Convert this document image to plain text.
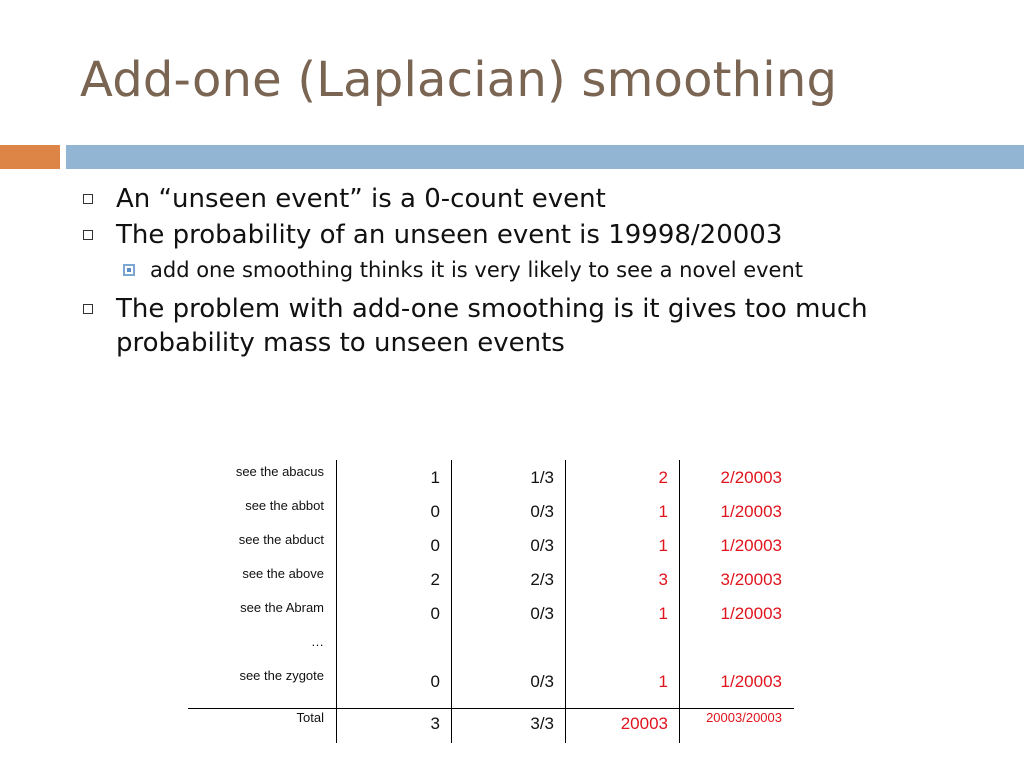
Add-one (Laplacian) smoothing
An “unseen event” is a 0-count event
The probability of an unseen event is 19998/20003
add one smoothing thinks it is very likely to see a novel event
The problem with add-one smoothing is it gives too much probability mass to unseen events
see the abacus	1	1/3	2	2/20003
see the abbot	0	0/3	1	1/20003
see the abduct	0	0/3	1	1/20003
see the above	2	2/3	3	3/20003
see the Abram	0	0/3	1	1/20003
…
see the zygote	0	0/3	1	1/20003
Total	3	3/3	20003	20003/20003
